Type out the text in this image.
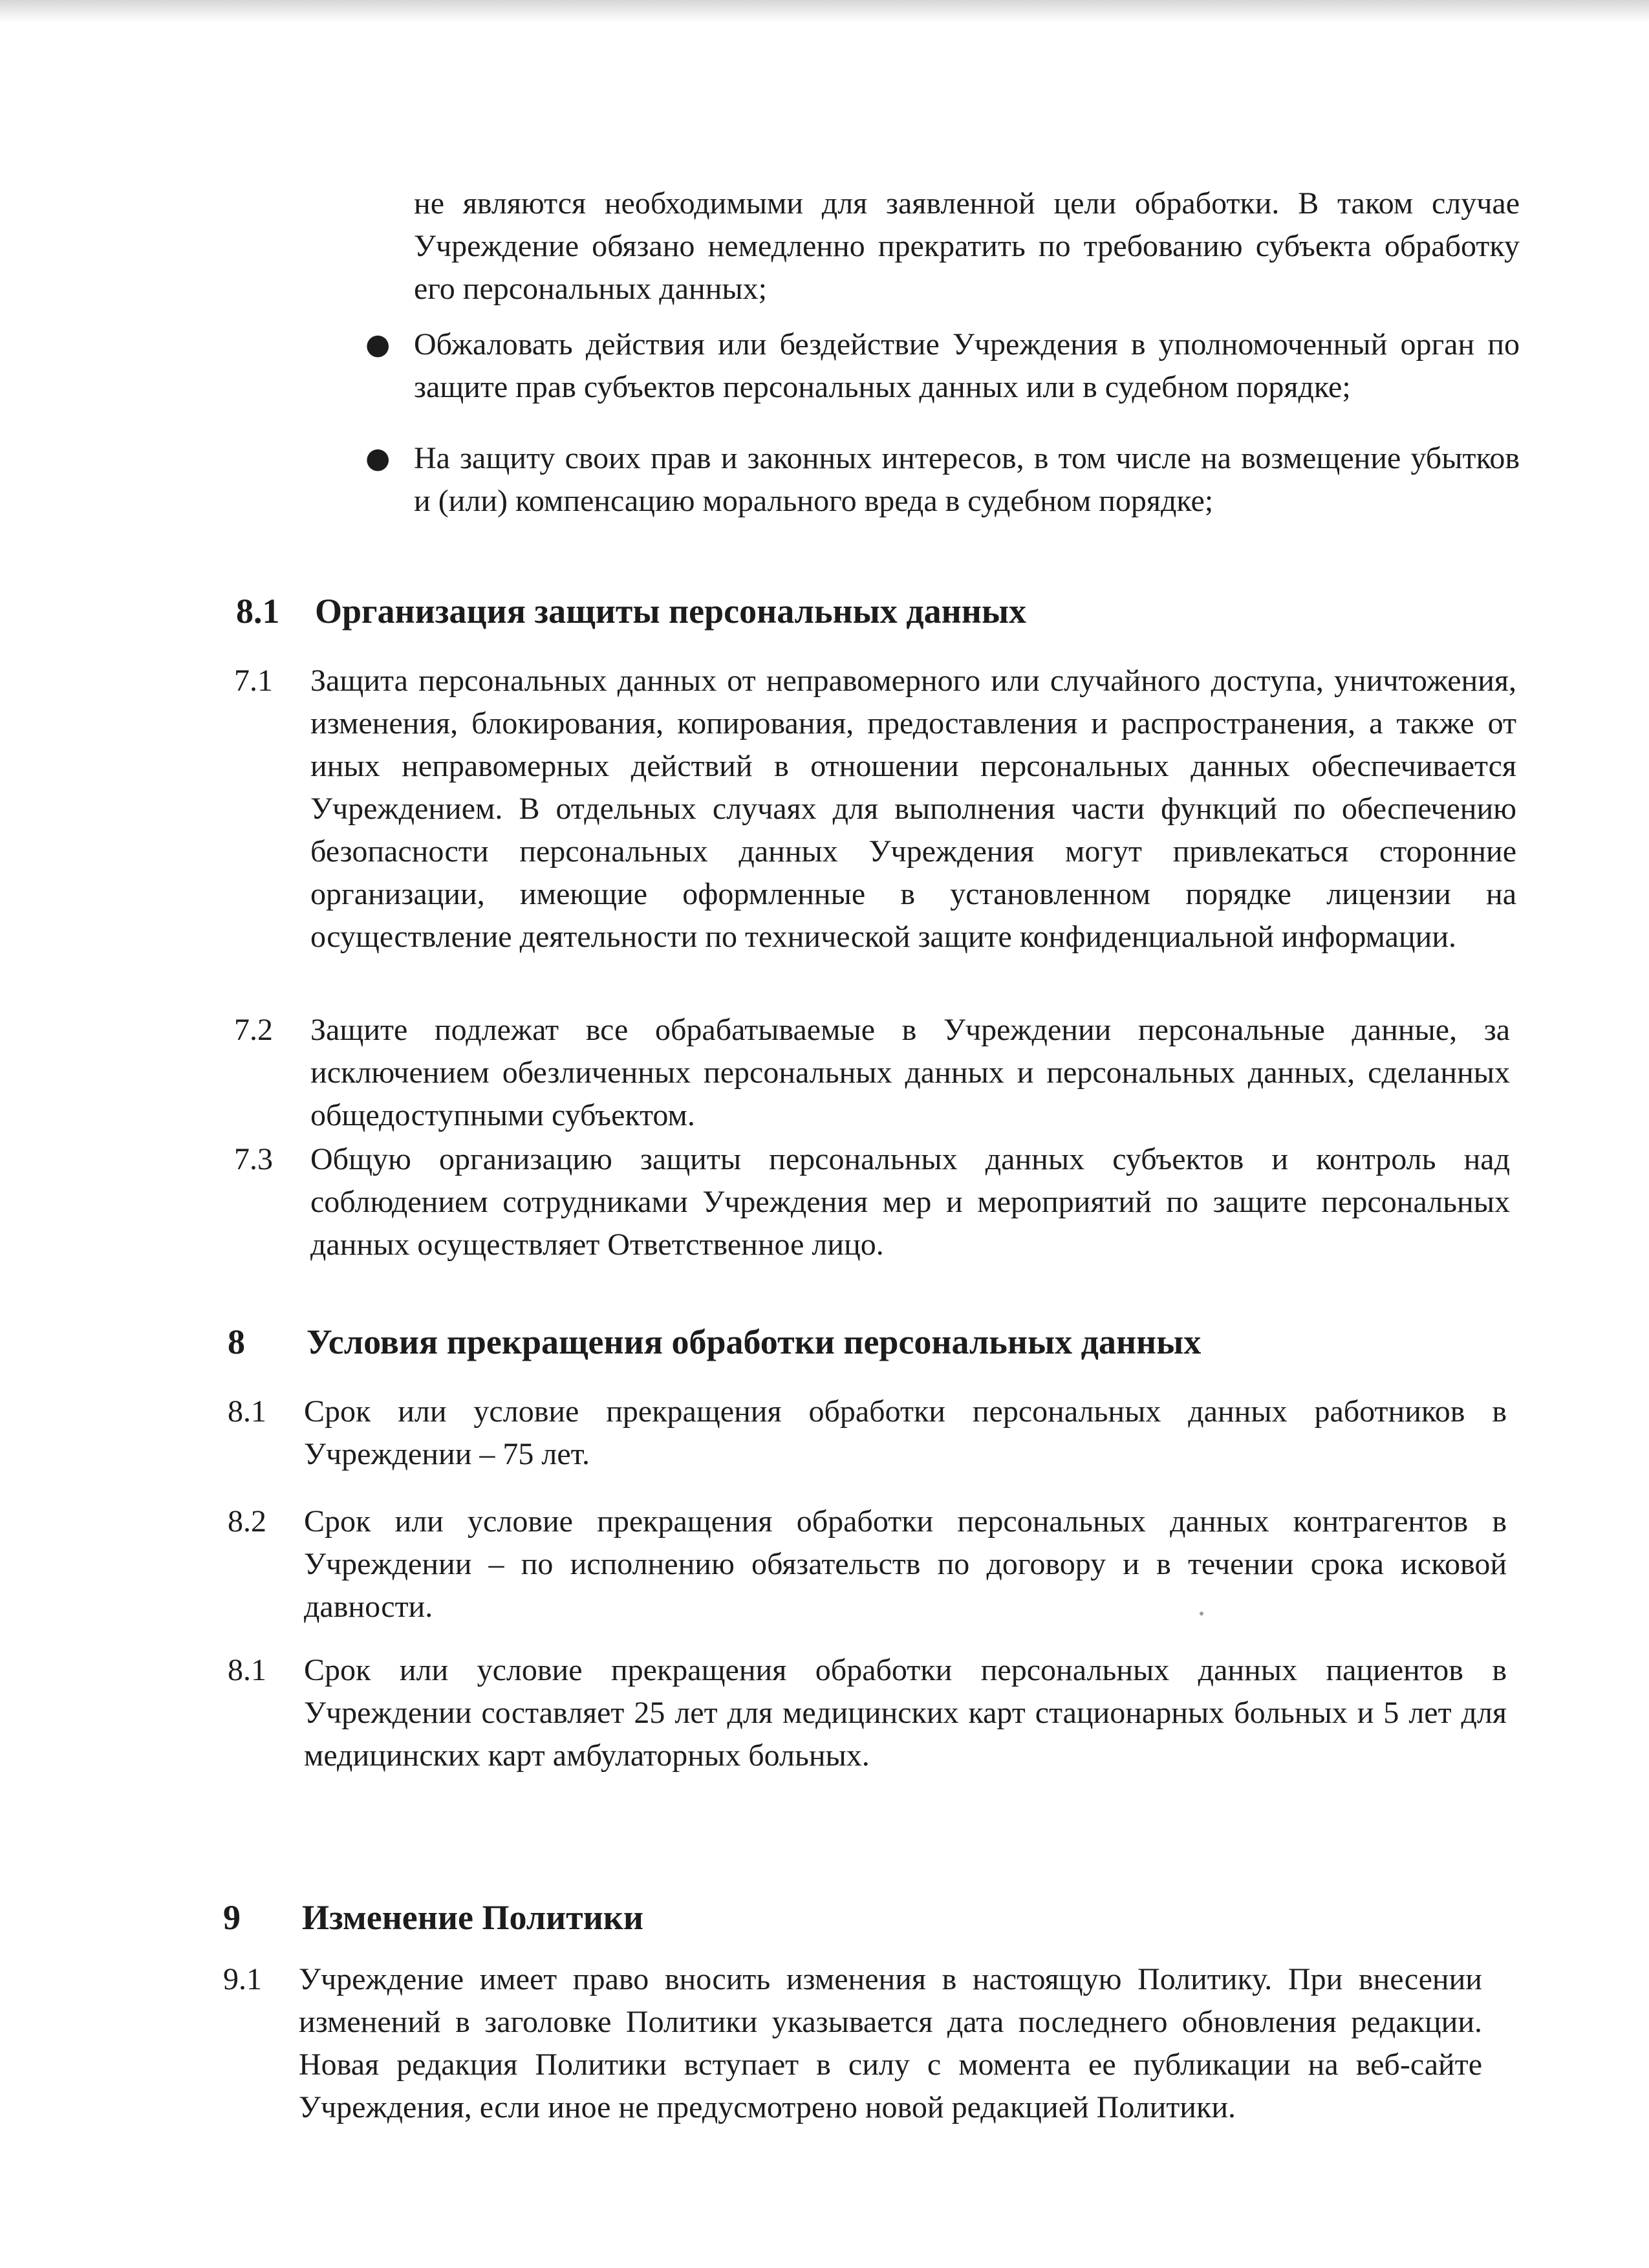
не являются необходимыми для заявленной цели обработки. В таком случае Учреждение обязано немедленно прекратить по требованию субъекта обработку его персональных данных;

● Обжаловать действия или бездействие Учреждения в уполномоченный орган по защите прав субъектов персональных данных или в судебном порядке;

● На защиту своих прав и законных интересов, в том числе на возмещение убытков и (или) компенсацию морального вреда в судебном порядке;

8.1 Организация защиты персональных данных
7.1 Защита персональных данных от неправомерного или случайного доступа, уничтожения, изменения, блокирования, копирования, предоставления и распространения, а также от иных неправомерных действий в отношении персональных данных обеспечивается Учреждением. В отдельных случаях для выполнения части функций по обеспечению безопасности персональных данных Учреждения могут привлекаться сторонние организации, имеющие оформленные в установленном порядке лицензии на осуществление деятельности по технической защите конфиденциальной информации.

7.2 Защите подлежат все обрабатываемые в Учреждении персональные данные, за исключением обезличенных персональных данных и персональных данных, сделанных общедоступными субъектом.

7.3 Общую организацию защиты персональных данных субъектов и контроль над соблюдением сотрудниками Учреждения мер и мероприятий по защите персональных данных осуществляет Ответственное лицо.

8 Условия прекращения обработки персональных данных
8.1 Срок или условие прекращения обработки персональных данных работников в Учреждении – 75 лет.

8.2 Срок или условие прекращения обработки персональных данных контрагентов в Учреждении – по исполнению обязательств по договору и в течении срока исковой давности.

8.1 Срок или условие прекращения обработки персональных данных пациентов в Учреждении составляет 25 лет для медицинских карт стационарных больных и 5 лет для медицинских карт амбулаторных больных.

9 Изменение Политики
9.1 Учреждение имеет право вносить изменения в настоящую Политику. При внесении изменений в заголовке Политики указывается дата последнего обновления редакции. Новая редакция Политики вступает в силу с момента ее публикации на веб-сайте Учреждения, если иное не предусмотрено новой редакцией Политики.
